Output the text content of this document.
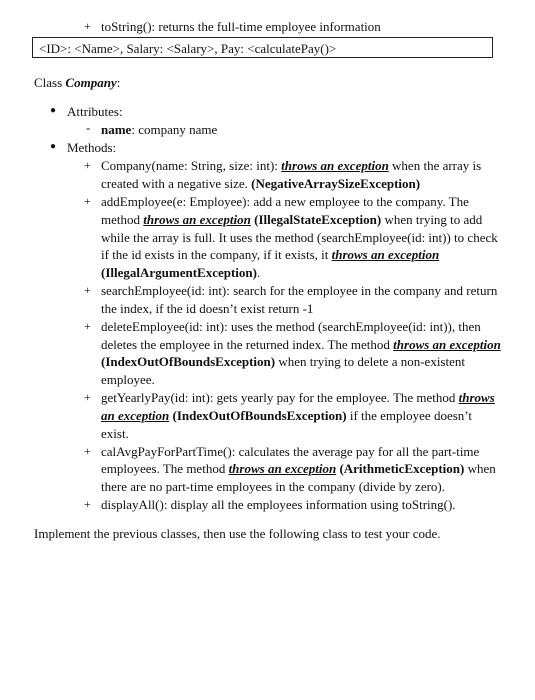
+ toString(): returns the full-time employee information
<ID>: <Name>, Salary: <Salary>, Pay: <calculatePay()>
Class Company:
● Attributes:
- name: company name
● Methods:
+ Company(name: String, size: int): throws an exception when the array is
created with a negative size. (NegativeArraySizeException)
+ addEmployee(e: Employee): add a new employee to the company. The
method throws an exception (IllegalStateException) when trying to add
while the array is full. It uses the method (searchEmployee(id: int)) to check
if the id exists in the company, if it exists, it throws an exception
(IllegalArgumentException).
+ searchEmployee(id: int): search for the employee in the company and return
the index, if the id doesn’t exist return -1
+ deleteEmployee(id: int): uses the method (searchEmployee(id: int)), then
deletes the employee in the returned index. The method throws an exception
(IndexOutOfBoundsException) when trying to delete a non-existent
employee.
+ getYearlyPay(id: int): gets yearly pay for the employee. The method throws
an exception (IndexOutOfBoundsException) if the employee doesn’t
exist.
+ calAvgPayForPartTime(): calculates the average pay for all the part-time
employees. The method throws an exception (ArithmeticException) when
there are no part-time employees in the company (divide by zero).
+ displayAll(): display all the employees information using toString().
Implement the previous classes, then use the following class to test your code.
